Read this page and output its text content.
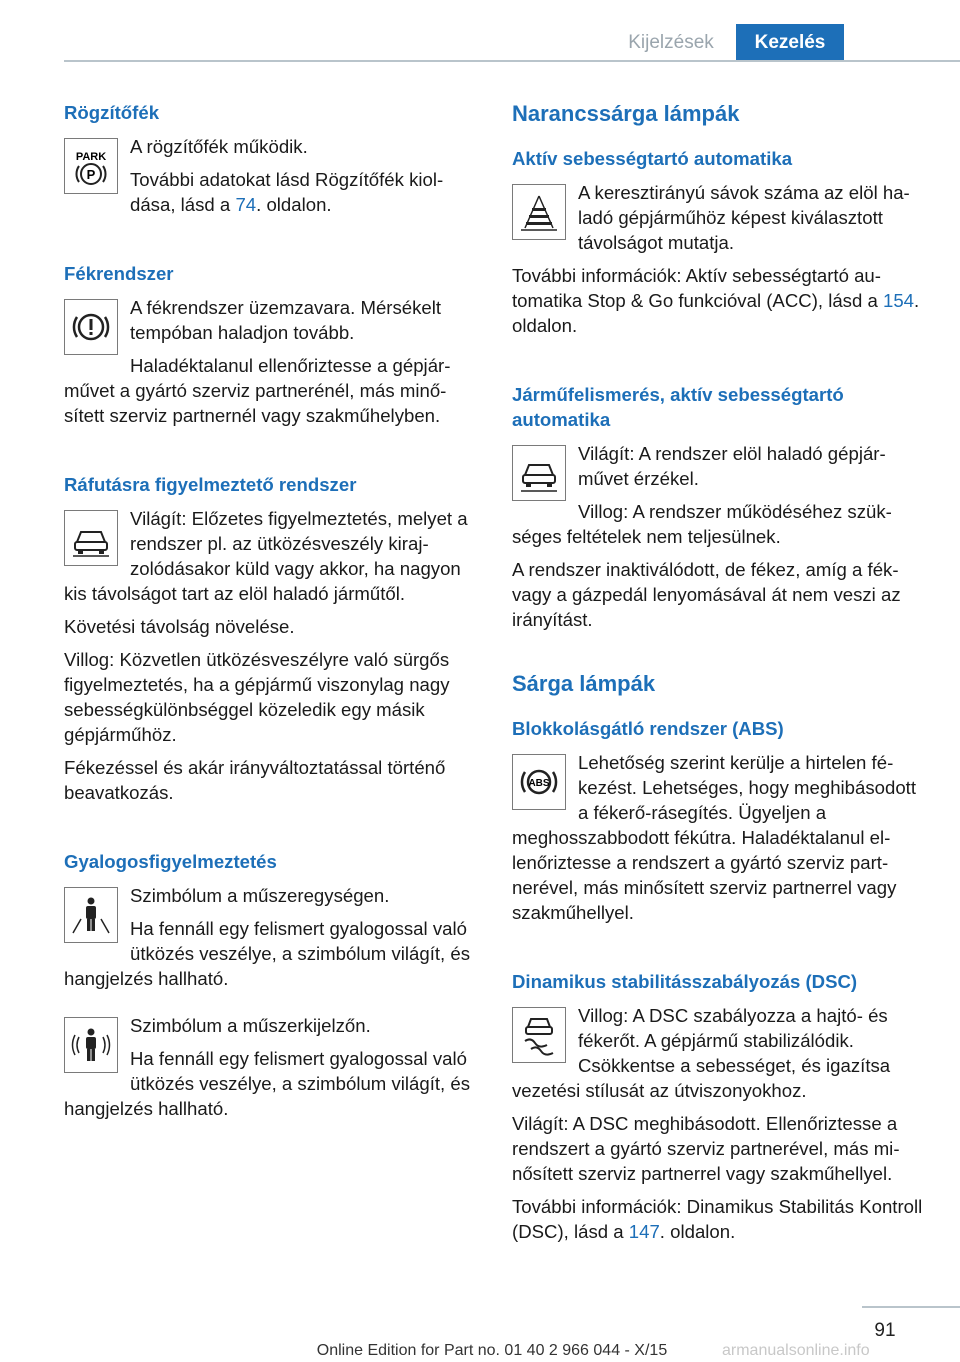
Kijelzések	Kezelés
Rögzítőfék
PARK
P

A rögzítőfék működik.

További adatokat lásd Rögzítőfék kioldása, lásd a 74. oldalon.

Fékrendszer

A fékrendszer üzemzavara. Mérsékelt tempóban haladjon tovább.

Haladéktalanul ellenőriztesse a gépjárművet a gyártó szerviz partnerénél, más minősített szerviz partnernél vagy szakműhelyben.

Ráfutásra figyelmeztető rendszer

Világít: Előzetes figyelmeztetés, melyet a rendszer pl. az ütközésveszély kirajzolódásakor küld vagy akkor, ha nagyon kis távolságot tart az elöl haladó járműtől.

Követési távolság növelése.

Villog: Közvetlen ütközésveszélyre való sürgős figyelmeztetés, ha a gépjármű viszonylag nagy sebességkülönbséggel közeledik egy másik gépjárműhöz.

Fékezéssel és akár irányváltoztatással történő beavatkozás.

Gyalogosfigyelmeztetés

Szimbólum a műszeregységen.

Ha fennáll egy felismert gyalogossal való ütközés veszélye, a szimbólum világít, és hangjelzés hallható.

Szimbólum a műszerkijelzőn.

Ha fennáll egy felismert gyalogossal való ütközés veszélye, a szimbólum világít, és hangjelzés hallható.

Narancssárga lámpák
Aktív sebességtartó automatika

A keresztirányú sávok száma az elöl haladó gépjárműhöz képest kiválasztott távolságot mutatja.

További információk: Aktív sebességtartó automatika Stop & Go funkcióval (ACC), lásd a 154. oldalon.

Járműfelismerés, aktív sebességtartó automatika

Világít: A rendszer elöl haladó gépjárművet érzékel.

Villog: A rendszer működéséhez szükséges feltételek nem teljesülnek.

A rendszer inaktiválódott, de fékez, amíg a fék- vagy a gázpedál lenyomásával át nem veszi az irányítást.

Sárga lámpák
Blokkolásgátló rendszer (ABS)
ABS

Lehetőség szerint kerülje a hirtelen fékezést. Lehetséges, hogy meghibásodott a fékerő-rásegítés. Ügyeljen a meghosszabbodott fékútra. Haladéktalanul ellenőriztesse a rendszert a gyártó szerviz partnerével, más minősített szerviz partnerrel vagy szakműhellyel.

Dinamikus stabilitásszabályozás (DSC)

Villog: A DSC szabályozza a hajtó- és fékerőt. A gépjármű stabilizálódik. Csökkentse a sebességet, és igazítsa vezetési stílusát az útviszonyokhoz.

Világít: A DSC meghibásodott. Ellenőriztesse a rendszert a gyártó szerviz partnerével, más minősített szerviz partnerrel vagy szakműhellyel.

További információk: Dinamikus Stabilitás Kontroll (DSC), lásd a 147. oldalon.

91
Online Edition for Part no. 01 40 2 966 044 - X/15	armanualsonline.info
